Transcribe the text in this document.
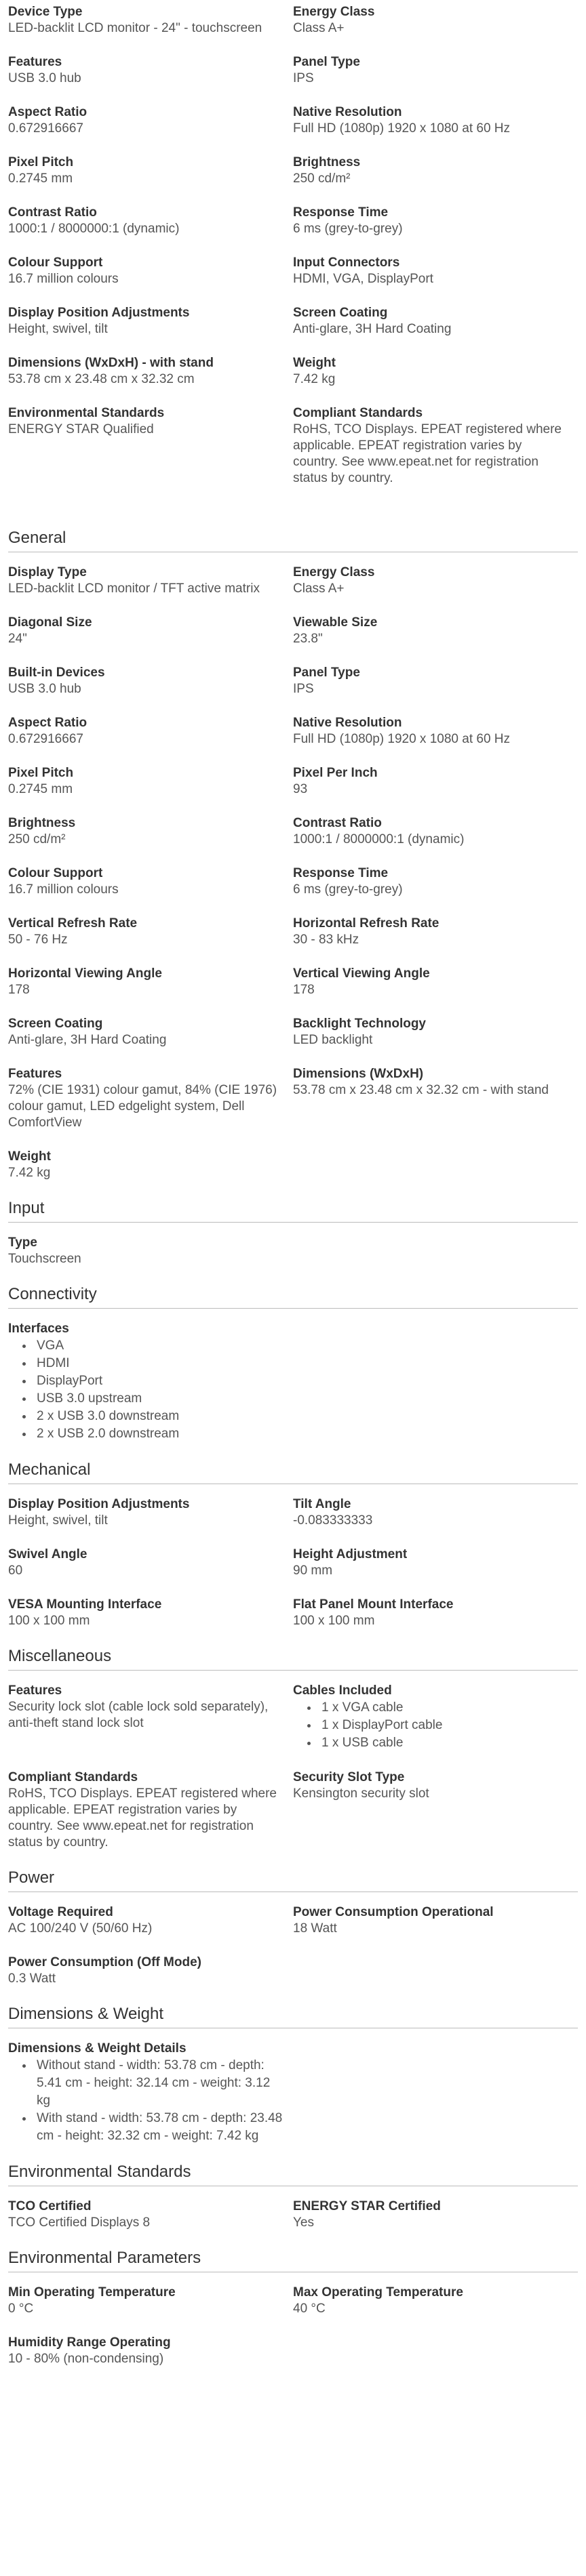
Device Type
LED-backlit LCD monitor - 24" - touchscreen
Energy Class
Class A+
Features
USB 3.0 hub
Panel Type
IPS
Aspect Ratio
0.672916667
Native Resolution
Full HD (1080p) 1920 x 1080 at 60 Hz
Pixel Pitch
0.2745 mm
Brightness
250 cd/m²
Contrast Ratio
1000:1 / 8000000:1 (dynamic)
Response Time
6 ms (grey-to-grey)
Colour Support
16.7 million colours
Input Connectors
HDMI, VGA, DisplayPort
Display Position Adjustments
Height, swivel, tilt
Screen Coating
Anti-glare, 3H Hard Coating
Dimensions (WxDxH) - with stand
53.78 cm x 23.48 cm x 32.32 cm
Weight
7.42 kg
Environmental Standards
ENERGY STAR Qualified
Compliant Standards
RoHS, TCO Displays. EPEAT registered where applicable. EPEAT registration varies by country. See www.epeat.net for registration status by country.
General
Display Type
LED-backlit LCD monitor / TFT active matrix
Energy Class
Class A+
Diagonal Size
24"
Viewable Size
23.8"
Built-in Devices
USB 3.0 hub
Panel Type
IPS
Aspect Ratio
0.672916667
Native Resolution
Full HD (1080p) 1920 x 1080 at 60 Hz
Pixel Pitch
0.2745 mm
Pixel Per Inch
93
Brightness
250 cd/m²
Contrast Ratio
1000:1 / 8000000:1 (dynamic)
Colour Support
16.7 million colours
Response Time
6 ms (grey-to-grey)
Vertical Refresh Rate
50 - 76 Hz
Horizontal Refresh Rate
30 - 83 kHz
Horizontal Viewing Angle
178
Vertical Viewing Angle
178
Screen Coating
Anti-glare, 3H Hard Coating
Backlight Technology
LED backlight
Features
72% (CIE 1931) colour gamut, 84% (CIE 1976) colour gamut, LED edgelight system, Dell ComfortView
Dimensions (WxDxH)
53.78 cm x 23.48 cm x 32.32 cm - with stand
Weight
7.42 kg
Input
Type
Touchscreen
Connectivity
Interfaces
• VGA
• HDMI
• DisplayPort
• USB 3.0 upstream
• 2 x USB 3.0 downstream
• 2 x USB 2.0 downstream
Mechanical
Display Position Adjustments
Height, swivel, tilt
Tilt Angle
-0.083333333
Swivel Angle
60
Height Adjustment
90 mm
VESA Mounting Interface
100 x 100 mm
Flat Panel Mount Interface
100 x 100 mm
Miscellaneous
Features
Security lock slot (cable lock sold separately), anti-theft stand lock slot
Cables Included
• 1 x VGA cable
• 1 x DisplayPort cable
• 1 x USB cable
Compliant Standards
RoHS, TCO Displays. EPEAT registered where applicable. EPEAT registration varies by country. See www.epeat.net for registration status by country.
Security Slot Type
Kensington security slot
Power
Voltage Required
AC 100/240 V (50/60 Hz)
Power Consumption Operational
18 Watt
Power Consumption (Off Mode)
0.3 Watt
Dimensions & Weight
Dimensions & Weight Details
• Without stand - width: 53.78 cm - depth: 5.41 cm - height: 32.14 cm - weight: 3.12 kg
• With stand - width: 53.78 cm - depth: 23.48 cm - height: 32.32 cm - weight: 7.42 kg
Environmental Standards
TCO Certified
TCO Certified Displays 8
ENERGY STAR Certified
Yes
Environmental Parameters
Min Operating Temperature
0 °C
Max Operating Temperature
40 °C
Humidity Range Operating
10 - 80% (non-condensing)
